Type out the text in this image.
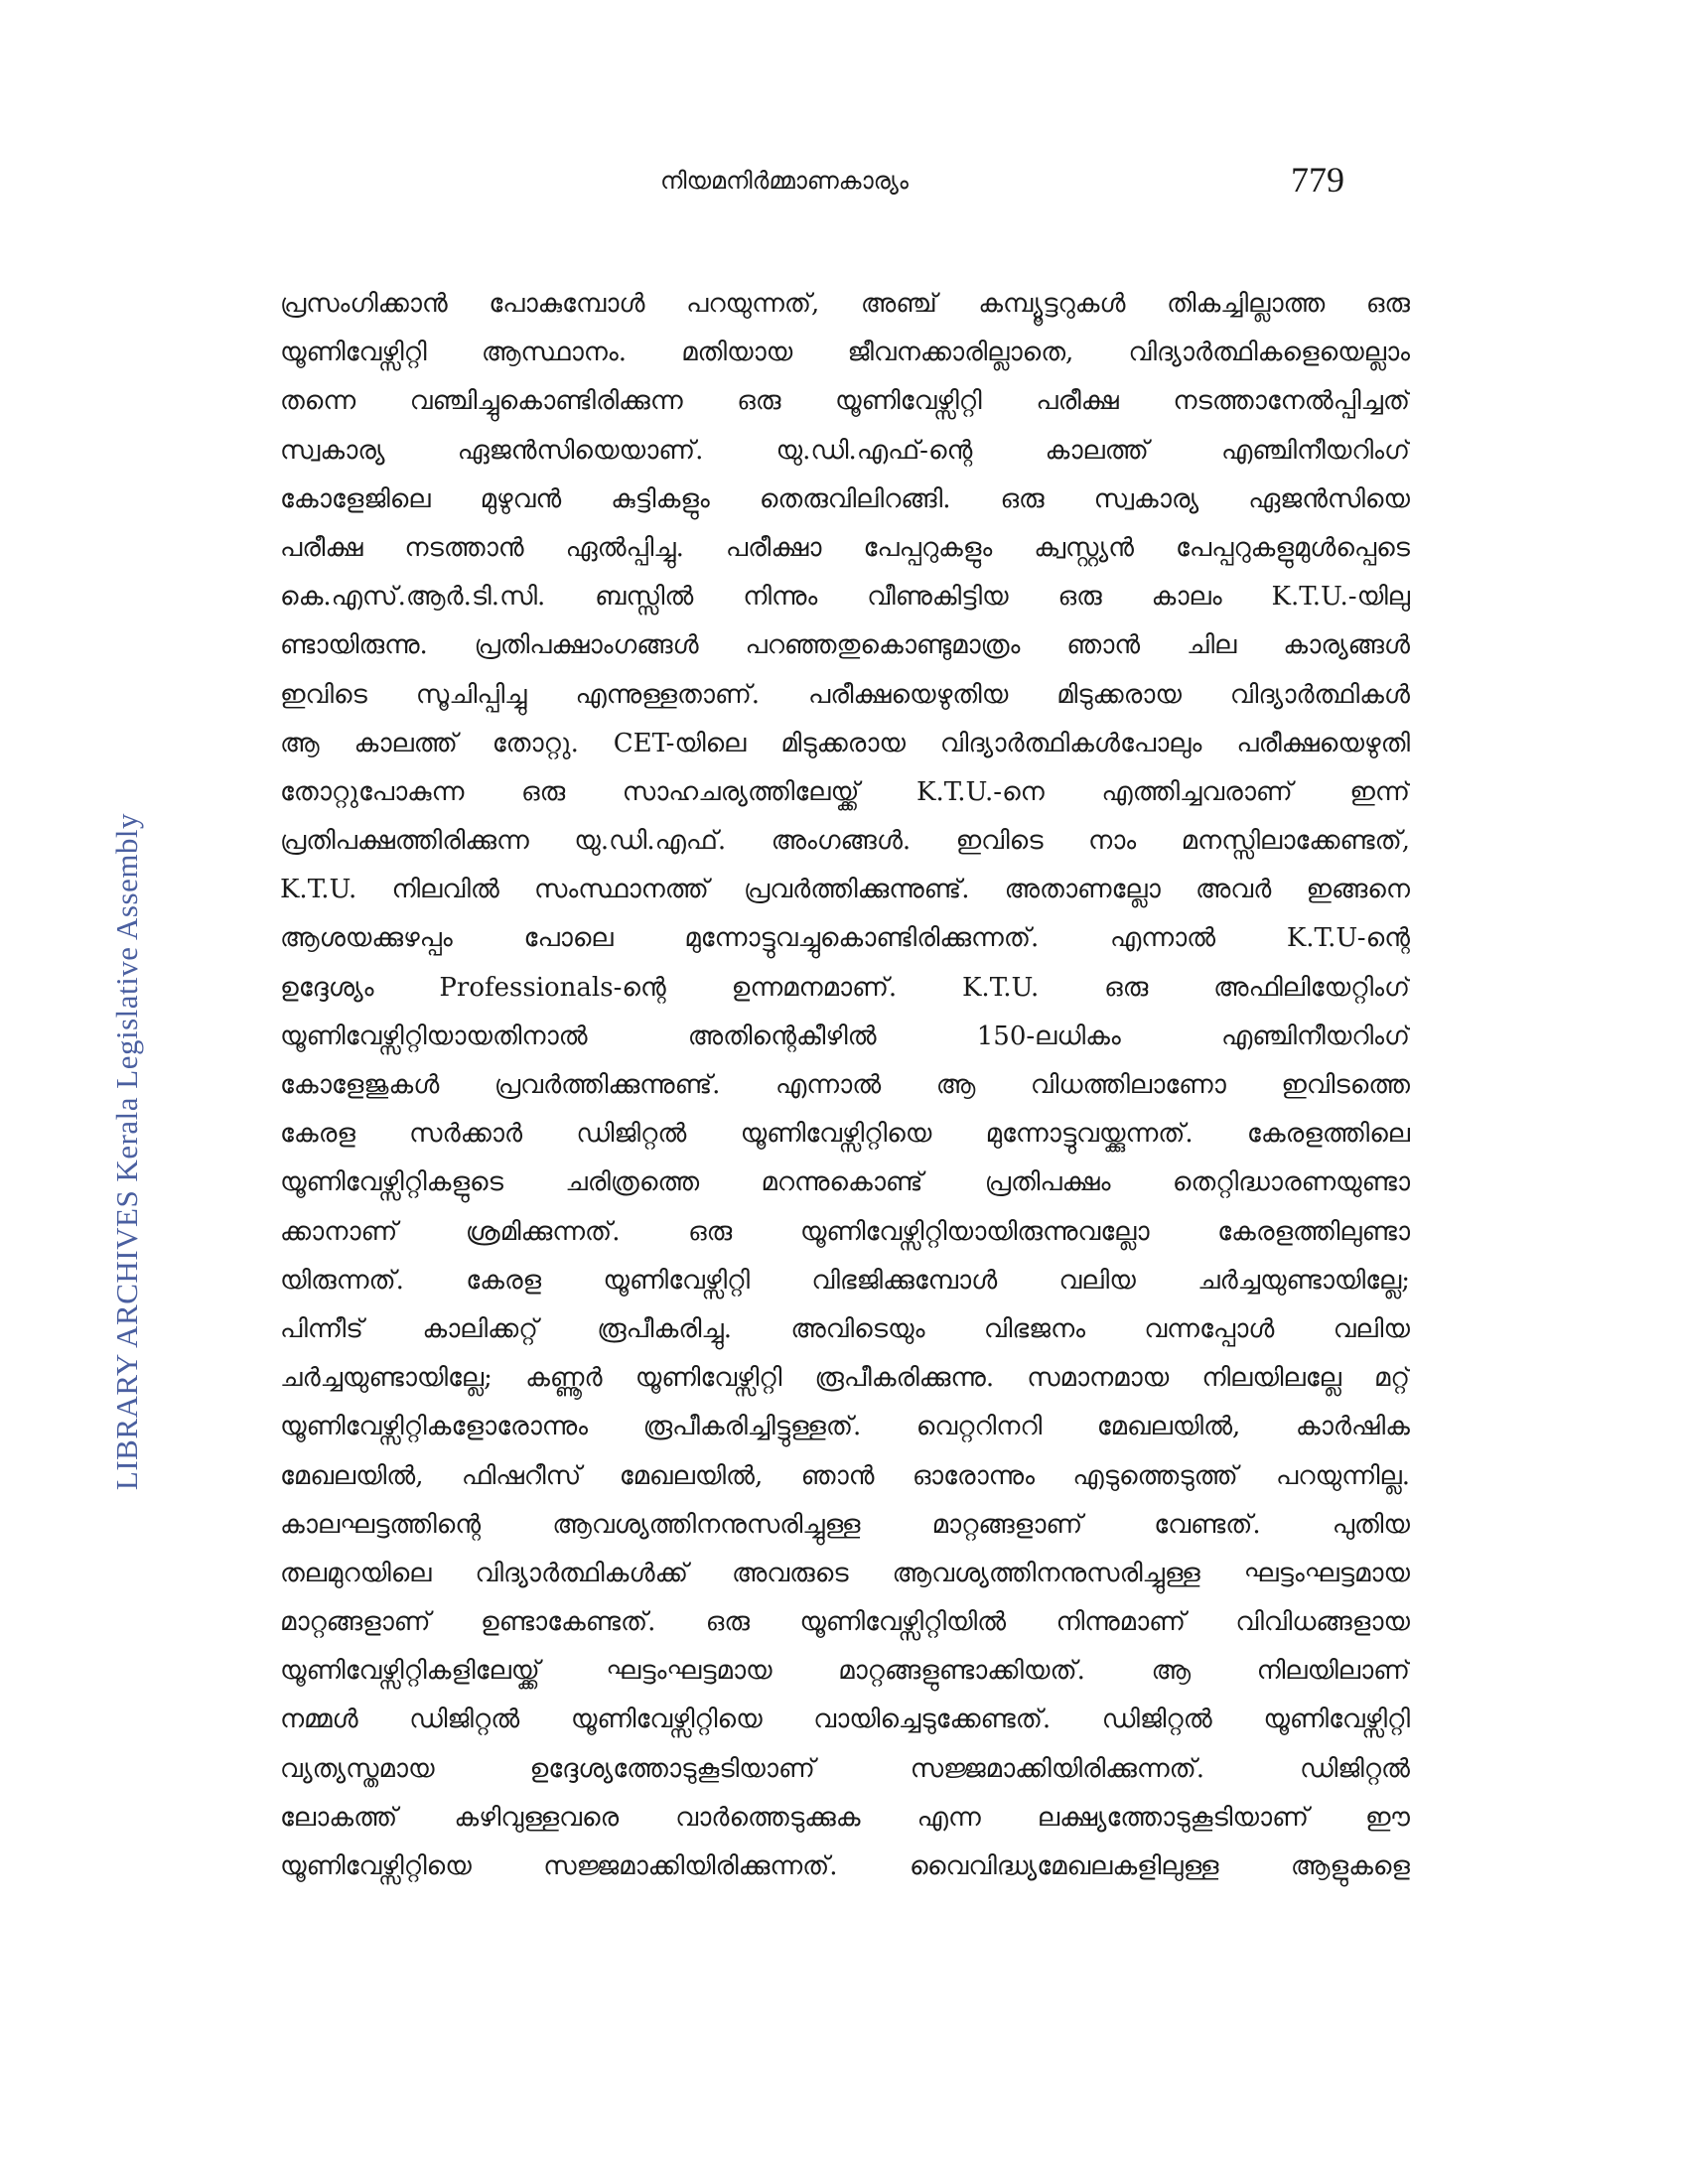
നിയമനിർമ്മാണകാര്യം	779
LIBRARY ARCHIVES Kerala Legislative Assembly
പ്രസംഗിക്കാൻ പോകുമ്പോൾ പറയുന്നത്, അഞ്ച് കമ്പ്യൂട്ടറുകൾ തികച്ചില്ലാത്ത ഒരു
യൂണിവേഴ്സിറ്റി ആസ്ഥാനം. മതിയായ ജീവനക്കാരില്ലാതെ, വിദ്യാർത്ഥികളെയെല്ലാം
തന്നെ വഞ്ചിച്ചുകൊണ്ടിരിക്കുന്ന ഒരു യൂണിവേഴ്സിറ്റി പരീക്ഷ നടത്താനേൽപ്പിച്ചത്
സ്വകാര്യ ഏജൻസിയെയാണ്. യു.ഡി.എഫ്-ന്റെ കാലത്ത് എഞ്ചിനീയറിംഗ്
കോളേജിലെ മുഴുവൻ കുട്ടികളും തെരുവിലിറങ്ങി. ഒരു സ്വകാര്യ ഏജൻസിയെ
പരീക്ഷ നടത്താൻ ഏൽപ്പിച്ചു. പരീക്ഷാ പേപ്പറുകളും ക്വസ്റ്റ്യൻ പേപ്പറുകളുമുൾപ്പെടെ
കെ.എസ്.ആർ.ടി.സി. ബസ്സിൽ നിന്നും വീണുകിട്ടിയ ഒരു കാലം K.T.U.-യിലു
ണ്ടായിരുന്നു. പ്രതിപക്ഷാംഗങ്ങൾ പറഞ്ഞതുകൊണ്ടുമാത്രം ഞാൻ ചില കാര്യങ്ങൾ
ഇവിടെ സൂചിപ്പിച്ചു എന്നുള്ളതാണ്. പരീക്ഷയെഴുതിയ മിടുക്കരായ വിദ്യാർത്ഥികൾ
ആ കാലത്ത് തോറ്റു. CET-യിലെ മിടുക്കരായ വിദ്യാർത്ഥികൾപോലും പരീക്ഷയെഴുതി
തോറ്റുപോകുന്ന ഒരു സാഹചര്യത്തിലേയ്ക്ക് K.T.U.-നെ എത്തിച്ചവരാണ് ഇന്ന്
പ്രതിപക്ഷത്തിരിക്കുന്ന യു.ഡി.എഫ്. അംഗങ്ങൾ. ഇവിടെ നാം മനസ്സിലാക്കേണ്ടത്,
K.T.U. നിലവിൽ സംസ്ഥാനത്ത് പ്രവർത്തിക്കുന്നുണ്ട്. അതാണല്ലോ അവർ ഇങ്ങനെ
ആശയക്കുഴപ്പം പോലെ മുന്നോട്ടുവച്ചുകൊണ്ടിരിക്കുന്നത്. എന്നാൽ K.T.U-ന്റെ
ഉദ്ദേശ്യം Professionals-ന്റെ ഉന്നമനമാണ്. K.T.U. ഒരു അഫിലിയേറ്റിംഗ്
യൂണിവേഴ്സിറ്റിയായതിനാൽ അതിന്റെകീഴിൽ 150-ലധികം എഞ്ചിനീയറിംഗ്
കോളേജുകൾ പ്രവർത്തിക്കുന്നുണ്ട്. എന്നാൽ ആ വിധത്തിലാണോ ഇവിടത്തെ
കേരള സർക്കാർ ഡിജിറ്റൽ യൂണിവേഴ്സിറ്റിയെ മുന്നോട്ടുവയ്ക്കുന്നത്. കേരളത്തിലെ
യൂണിവേഴ്സിറ്റികളുടെ ചരിത്രത്തെ മറന്നുകൊണ്ട് പ്രതിപക്ഷം തെറ്റിദ്ധാരണയുണ്ടാ
ക്കാനാണ് ശ്രമിക്കുന്നത്. ഒരു യൂണിവേഴ്സിറ്റിയായിരുന്നുവല്ലോ കേരളത്തിലുണ്ടാ
യിരുന്നത്. കേരള യൂണിവേഴ്സിറ്റി വിഭജിക്കുമ്പോൾ വലിയ ചർച്ചയുണ്ടായില്ലേ;
പിന്നീട് കാലിക്കറ്റ് രൂപീകരിച്ചു. അവിടെയും വിഭജനം വന്നപ്പോൾ വലിയ
ചർച്ചയുണ്ടായില്ലേ; കണ്ണൂർ യൂണിവേഴ്സിറ്റി രൂപീകരിക്കുന്നു. സമാനമായ നിലയിലല്ലേ മറ്റ്
യൂണിവേഴ്സിറ്റികളോരോന്നും രൂപീകരിച്ചിട്ടുള്ളത്. വെറ്ററിനറി മേഖലയിൽ, കാർഷിക
മേഖലയിൽ, ഫിഷറീസ് മേഖലയിൽ, ഞാൻ ഓരോന്നും എടുത്തെടുത്ത് പറയുന്നില്ല.
കാലഘട്ടത്തിന്റെ ആവശ്യത്തിനനുസരിച്ചുള്ള മാറ്റങ്ങളാണ് വേണ്ടത്. പുതിയ
തലമുറയിലെ വിദ്യാർത്ഥികൾക്ക് അവരുടെ ആവശ്യത്തിനനുസരിച്ചുള്ള ഘട്ടംഘട്ടമായ
മാറ്റങ്ങളാണ് ഉണ്ടാകേണ്ടത്. ഒരു യൂണിവേഴ്സിറ്റിയിൽ നിന്നുമാണ് വിവിധങ്ങളായ
യൂണിവേഴ്സിറ്റികളിലേയ്ക്ക് ഘട്ടംഘട്ടമായ മാറ്റങ്ങളുണ്ടാക്കിയത്. ആ നിലയിലാണ്
നമ്മൾ ഡിജിറ്റൽ യൂണിവേഴ്സിറ്റിയെ വായിച്ചെടുക്കേണ്ടത്. ഡിജിറ്റൽ യൂണിവേഴ്സിറ്റി
വ്യത്യസ്തമായ ഉദ്ദേശ്യത്തോടുകൂടിയാണ് സജ്ജമാക്കിയിരിക്കുന്നത്. ഡിജിറ്റൽ
ലോകത്ത് കഴിവുള്ളവരെ വാർത്തെടുക്കുക എന്ന ലക്ഷ്യത്തോടുകൂടിയാണ് ഈ
യൂണിവേഴ്സിറ്റിയെ സജ്ജമാക്കിയിരിക്കുന്നത്. വൈവിദ്ധ്യമേഖലകളിലുള്ള ആളുകളെ
